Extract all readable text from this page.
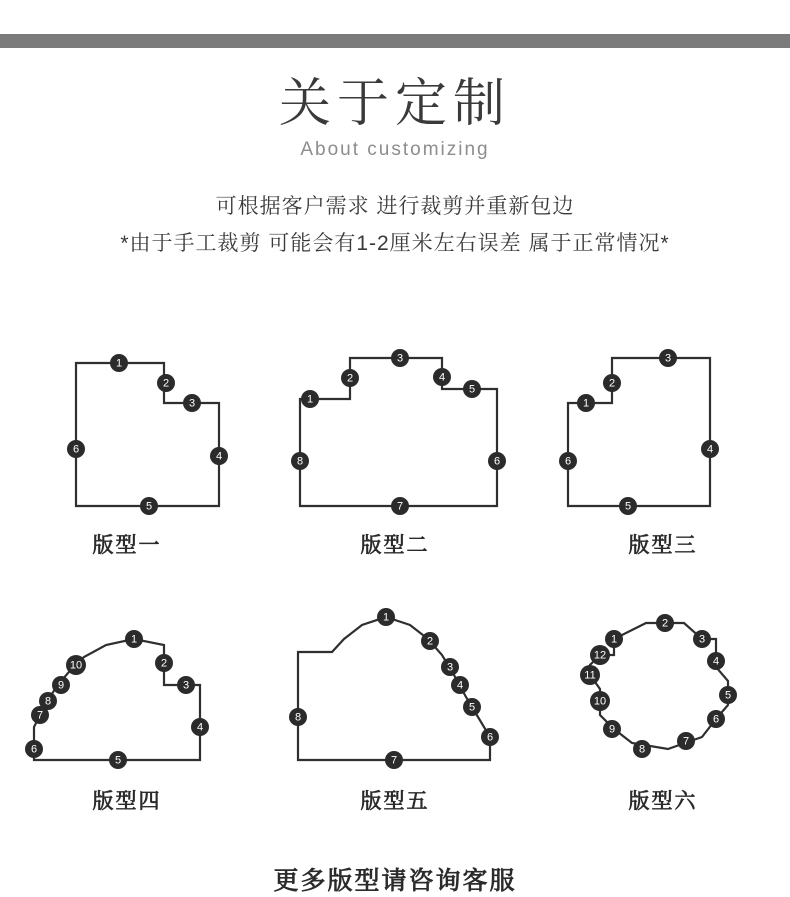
关于定制
About customizing
可根据客户需求 进行裁剪并重新包边
*由于手工裁剪 可能会有1-2厘米左右误差 属于正常情况*
1
2
3
4
5
6
版型一
1
2
3
4
5
6
7
8
版型二
1
2
3
4
5
6
版型三
1
2
3
4
5
6
7
8
9
10
版型四
1
2
3
4
5
6
7
8
版型五
1
2
3
4
5
6
7
8
9
10
11
12
版型六
更多版型请咨询客服
